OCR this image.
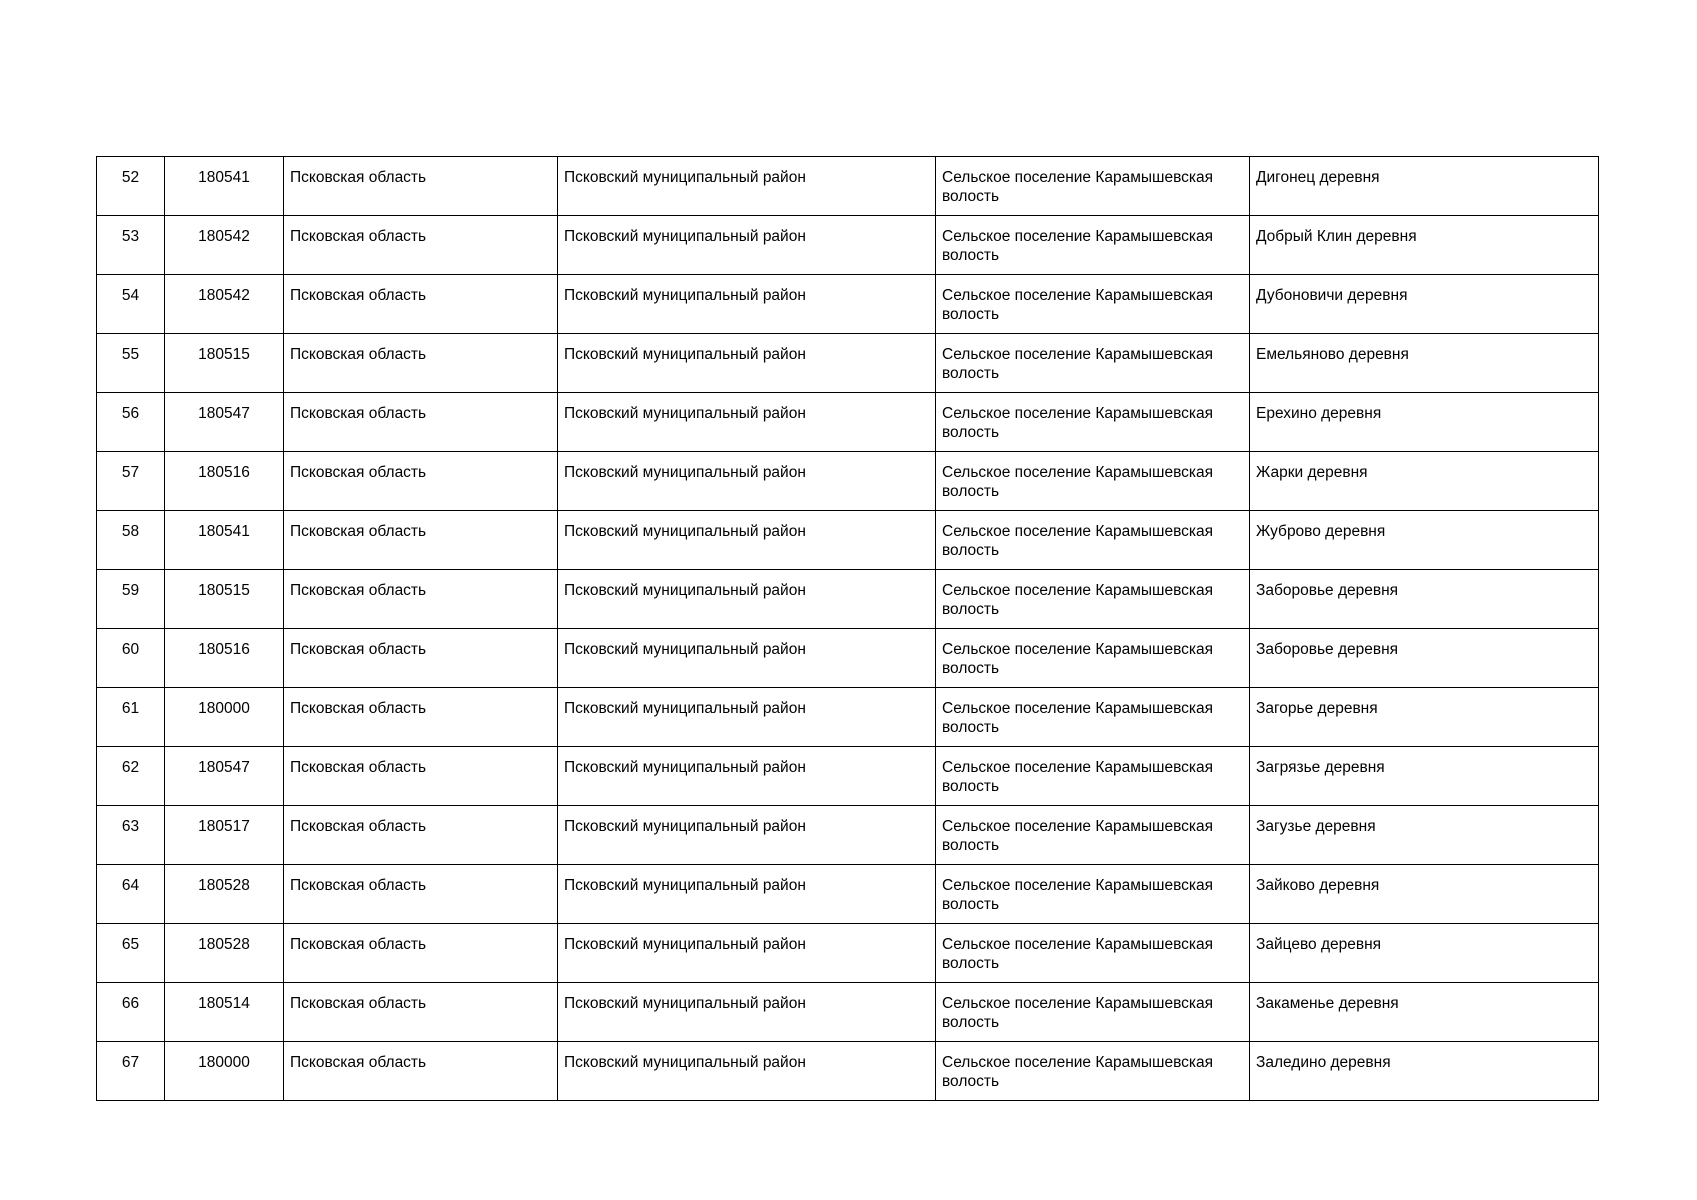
52	180541	Псковская область	Псковский муниципальный район	Сельское поселение Карамышевская волость	Дигонец деревня
53	180542	Псковская область	Псковский муниципальный район	Сельское поселение Карамышевская волость	Добрый Клин деревня
54	180542	Псковская область	Псковский муниципальный район	Сельское поселение Карамышевская волость	Дубоновичи деревня
55	180515	Псковская область	Псковский муниципальный район	Сельское поселение Карамышевская волость	Емельяново деревня
56	180547	Псковская область	Псковский муниципальный район	Сельское поселение Карамышевская волость	Ерехино деревня
57	180516	Псковская область	Псковский муниципальный район	Сельское поселение Карамышевская волость	Жарки деревня
58	180541	Псковская область	Псковский муниципальный район	Сельское поселение Карамышевская волость	Жуброво деревня
59	180515	Псковская область	Псковский муниципальный район	Сельское поселение Карамышевская волость	Заборовье деревня
60	180516	Псковская область	Псковский муниципальный район	Сельское поселение Карамышевская волость	Заборовье деревня
61	180000	Псковская область	Псковский муниципальный район	Сельское поселение Карамышевская волость	Загорье деревня
62	180547	Псковская область	Псковский муниципальный район	Сельское поселение Карамышевская волость	Загрязье деревня
63	180517	Псковская область	Псковский муниципальный район	Сельское поселение Карамышевская волость	Загузье деревня
64	180528	Псковская область	Псковский муниципальный район	Сельское поселение Карамышевская волость	Зайково деревня
65	180528	Псковская область	Псковский муниципальный район	Сельское поселение Карамышевская волость	Зайцево деревня
66	180514	Псковская область	Псковский муниципальный район	Сельское поселение Карамышевская волость	Закаменье деревня
67	180000	Псковская область	Псковский муниципальный район	Сельское поселение Карамышевская волость	Заледино деревня
